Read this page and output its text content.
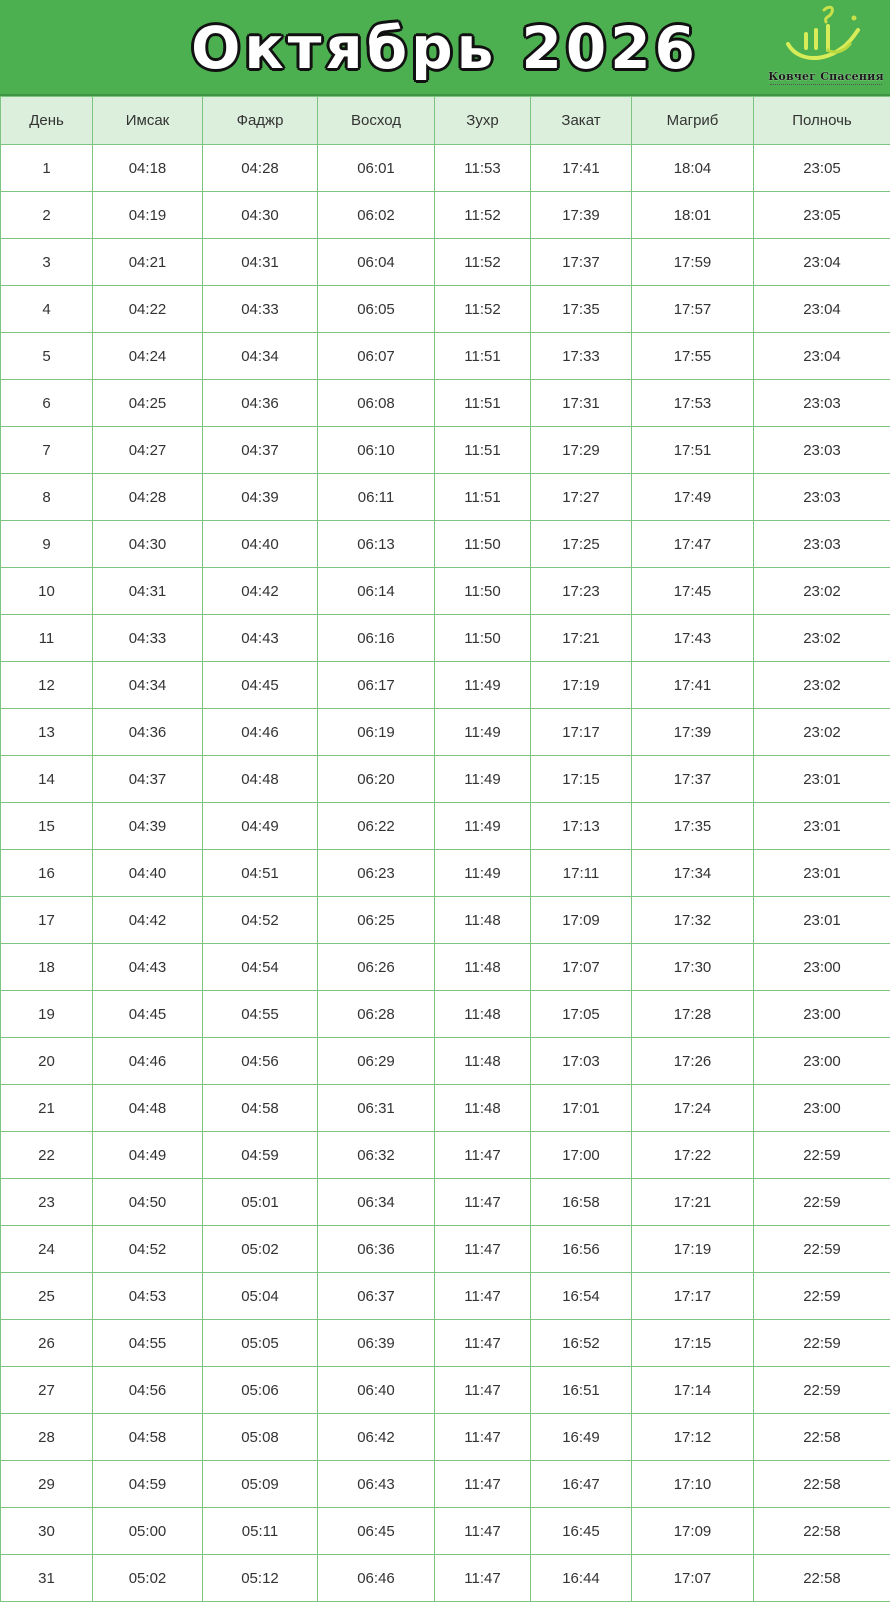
Октябрь 2026	Ковчег Спасения
День	Имсак	Фаджр	Восход	Зухр	Закат	Магриб	Полночь
1	04:18	04:28	06:01	11:53	17:41	18:04	23:05
2	04:19	04:30	06:02	11:52	17:39	18:01	23:05
3	04:21	04:31	06:04	11:52	17:37	17:59	23:04
4	04:22	04:33	06:05	11:52	17:35	17:57	23:04
5	04:24	04:34	06:07	11:51	17:33	17:55	23:04
6	04:25	04:36	06:08	11:51	17:31	17:53	23:03
7	04:27	04:37	06:10	11:51	17:29	17:51	23:03
8	04:28	04:39	06:11	11:51	17:27	17:49	23:03
9	04:30	04:40	06:13	11:50	17:25	17:47	23:03
10	04:31	04:42	06:14	11:50	17:23	17:45	23:02
11	04:33	04:43	06:16	11:50	17:21	17:43	23:02
12	04:34	04:45	06:17	11:49	17:19	17:41	23:02
13	04:36	04:46	06:19	11:49	17:17	17:39	23:02
14	04:37	04:48	06:20	11:49	17:15	17:37	23:01
15	04:39	04:49	06:22	11:49	17:13	17:35	23:01
16	04:40	04:51	06:23	11:49	17:11	17:34	23:01
17	04:42	04:52	06:25	11:48	17:09	17:32	23:01
18	04:43	04:54	06:26	11:48	17:07	17:30	23:00
19	04:45	04:55	06:28	11:48	17:05	17:28	23:00
20	04:46	04:56	06:29	11:48	17:03	17:26	23:00
21	04:48	04:58	06:31	11:48	17:01	17:24	23:00
22	04:49	04:59	06:32	11:47	17:00	17:22	22:59
23	04:50	05:01	06:34	11:47	16:58	17:21	22:59
24	04:52	05:02	06:36	11:47	16:56	17:19	22:59
25	04:53	05:04	06:37	11:47	16:54	17:17	22:59
26	04:55	05:05	06:39	11:47	16:52	17:15	22:59
27	04:56	05:06	06:40	11:47	16:51	17:14	22:59
28	04:58	05:08	06:42	11:47	16:49	17:12	22:58
29	04:59	05:09	06:43	11:47	16:47	17:10	22:58
30	05:00	05:11	06:45	11:47	16:45	17:09	22:58
31	05:02	05:12	06:46	11:47	16:44	17:07	22:58
